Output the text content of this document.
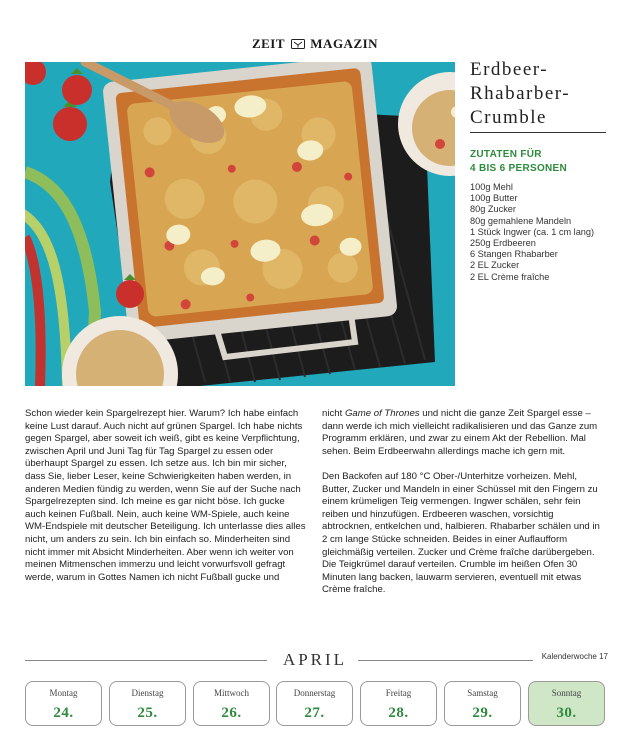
ZEIT MAGAZIN
Erdbeer-
Rhabarber-
Crumble
ZUTATEN FÜR
4 BIS 6 PERSONEN
100g Mehl
100g Butter
80g Zucker
80g gemahlene Mandeln
1 Stück Ingwer (ca. 1 cm lang)
250g Erdbeeren
6 Stangen Rhabarber
2 EL Zucker
2 EL Crème fraîche

Schon wieder kein Spargelrezept hier. Warum? Ich habe einfach keine Lust darauf. Auch nicht auf grünen Spargel. Ich habe nichts gegen Spargel, aber soweit ich weiß, gibt es keine Verpflichtung, zwischen April und Juni Tag für Tag Spargel zu essen oder überhaupt Spargel zu essen. Ich setze aus. Ich bin mir sicher, dass Sie, lieber Leser, keine Schwierigkeiten haben werden, in anderen Medien fündig zu werden, wenn Sie auf der Suche nach Spargelrezepten sind. Ich meine es gar nicht böse. Ich gucke auch keinen Fußball. Nein, auch keine WM-Spiele, auch keine WM-Endspiele mit deutscher Beteiligung. Ich unterlasse dies alles nicht, um anders zu sein. Ich bin einfach so. Minderheiten sind nicht immer mit Absicht Minderheiten. Aber wenn ich weiter von meinen Mitmenschen immerzu und leicht vorwurfsvoll gefragt werde, warum in Gottes Namen ich nicht Fußball gucke und

nicht Game of Thrones und nicht die ganze Zeit Spargel esse – dann werde ich mich vielleicht radikalisieren und das Ganze zum Programm erklären, und zwar zu einem Akt der Rebellion. Mal sehen. Beim Erdbeerwahn allerdings mache ich gern mit.

Den Backofen auf 180 °C Ober-/Unterhitze vorheizen. Mehl, Butter, Zucker und Mandeln in einer Schüssel mit den Fingern zu einem krümeligen Teig vermengen. Ingwer schälen, sehr fein reiben und hinzufügen. Erdbeeren waschen, vorsichtig abtrocknen, entkelchen und, halbieren. Rhabarber schälen und in 2 cm lange Stücke schneiden. Beides in einer Auflaufform gleichmäßig verteilen. Zucker und Crème fraîche darübergeben. Die Teigkrümel darauf verteilen. Crumble im heißen Ofen 30 Minuten lang backen, lauwarm servieren, eventuell mit etwas Crème fraîche.

APRIL	Kalenderwoche 17
Montag
24.
Dienstag
25.
Mittwoch
26.
Donnerstag
27.
Freitag
28.
Samstag
29.
Sonntag
30.
